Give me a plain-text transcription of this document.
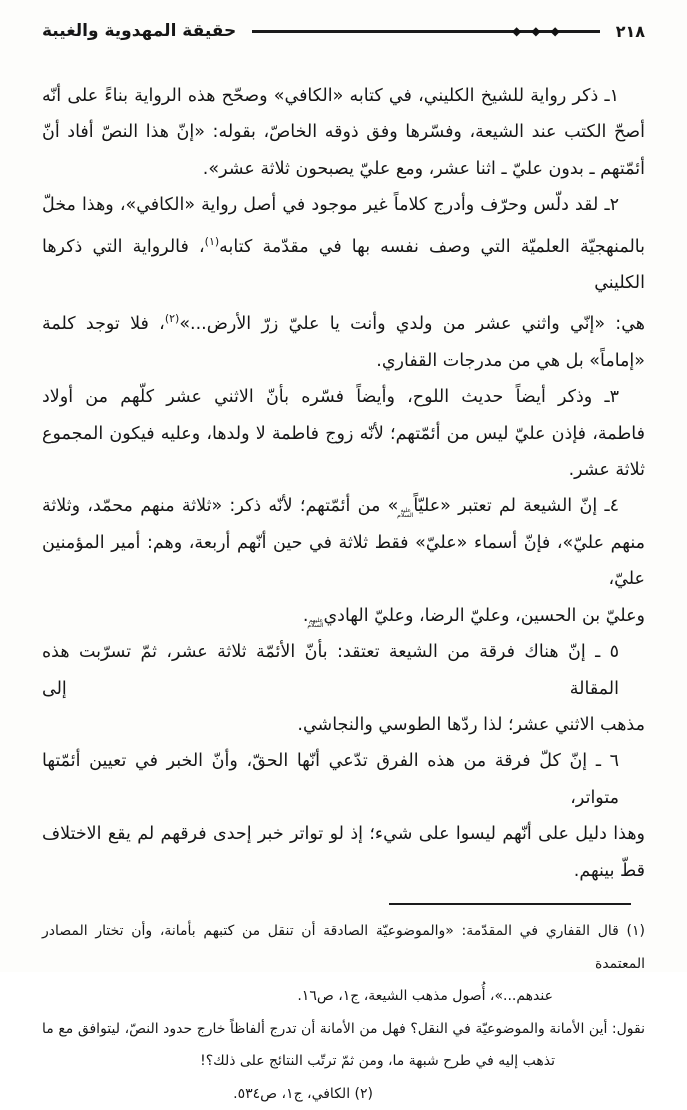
٢١٨
◆
◆
◆
حقيقة المهدوية والغيبة
١ـ ذكر رواية للشيخ الكليني، في كتابه «الكافي» وصحّح هذه الرواية بناءً على أنّه
أصحّ الكتب عند الشيعة، وفسّرها وفق ذوقه الخاصّ، بقوله: «إنّ هذا النصّ أفاد أنّ
أئمّتهم ـ بدون عليّ ـ اثنا عشر، ومع عليّ يصبحون ثلاثة عشر».
٢ـ لقد دلّس وحرّف وأدرج كلاماً غير موجود في أصل رواية «الكافي»، وهذا مخلّ
بالمنهجيّة العلميّة التي وصف نفسه بها في مقدّمة كتابه$^{(١)}$، فالرواية التي ذكرها الكليني
هي: «إنّي واثني عشر من ولدي وأنت يا عليّ زرّ الأرض...»$^{(٢)}$، فلا توجد كلمة
«إماماً» بل هي من مدرجات القفاري.
٣ـ وذكر أيضاً حديث اللوح، وأيضاً فسّره بأنّ الاثني عشر كلّهم من أولاد
فاطمة، فإذن عليّ ليس من أئمّتهم؛ لأنّه زوج فاطمة لا ولدها، وعليه فيكون المجموع
ثلاثة عشر.
٤ـ إنّ الشيعة لم تعتبر «عليّاًعليه السلام» من أئمّتهم؛ لأنّه ذكر: «ثلاثة منهم محمّد، وثلاثة
منهم عليّ»، فإنّ أسماء «عليّ» فقط ثلاثة في حين أنّهم أربعة، وهم: أمير المؤمنين عليّ،
وعليّ بن الحسين، وعليّ الرضا، وعليّ الهاديعليهم السلام.
٥ ـ إنّ هناك فرقة من الشيعة تعتقد: بأنّ الأئمّة ثلاثة عشر، ثمّ تسرّبت هذه المقالة إلى
مذهب الاثني عشر؛ لذا ردّها الطوسي والنجاشي.
٦ ـ إنّ كلّ فرقة من هذه الفرق تدّعي أنّها الحقّ، وأنّ الخبر في تعيين أئمّتها متواتر،
وهذا دليل على أنّهم ليسوا على شيء؛ إذ لو تواتر خبر إحدى فرقهم لم يقع الاختلاف
قطّ بينهم.
(١) قال القفاري في المقدّمة: «والموضوعيّة الصادقة أن تنقل من كتبهم بأمانة، وأن تختار المصادر المعتمدة
عندهم...»، أُصول مذهب الشيعة، ج١، ص١٦.
نقول: أين الأمانة والموضوعيّة في النقل؟ فهل من الأمانة أن تدرج ألفاظاً خارج حدود النصّ، ليتوافق مع ما
تذهب إليه في طرح شبهة ما، ومن ثمّ ترتّب النتائج على ذلك؟!
(٢) الكافي، ج١، ص٥٣٤.
